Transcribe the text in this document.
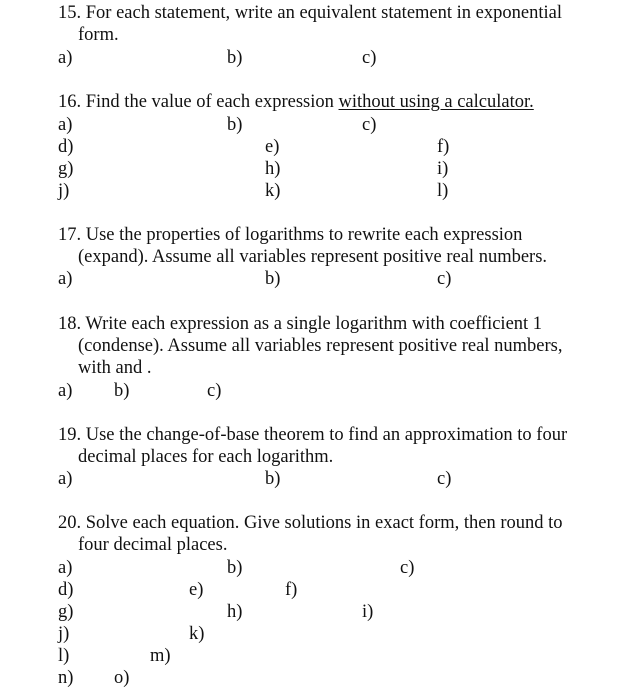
15. For each statement, write an equivalent statement in exponential
form.
a)	b)	c)
16. Find the value of each expression without using a calculator.
a)	b)	c)
d)	e)	f)
g)	h)	i)
j)	k)	l)
17. Use the properties of logarithms to rewrite each expression
(expand). Assume all variables represent positive real numbers.
a)	b)	c)
18. Write each expression as a single logarithm with coefficient 1
(condense). Assume all variables represent positive real numbers,
with and .
a) b)	c)
19. Use the change-of-base theorem to find an approximation to four
decimal places for each logarithm.
a)	b)	c)
20. Solve each equation. Give solutions in exact form, then round to
four decimal places.
a)	b)	c)
d)	e)	f)
g)	h)	i)
j)	k)
l)	m)
n) o)
